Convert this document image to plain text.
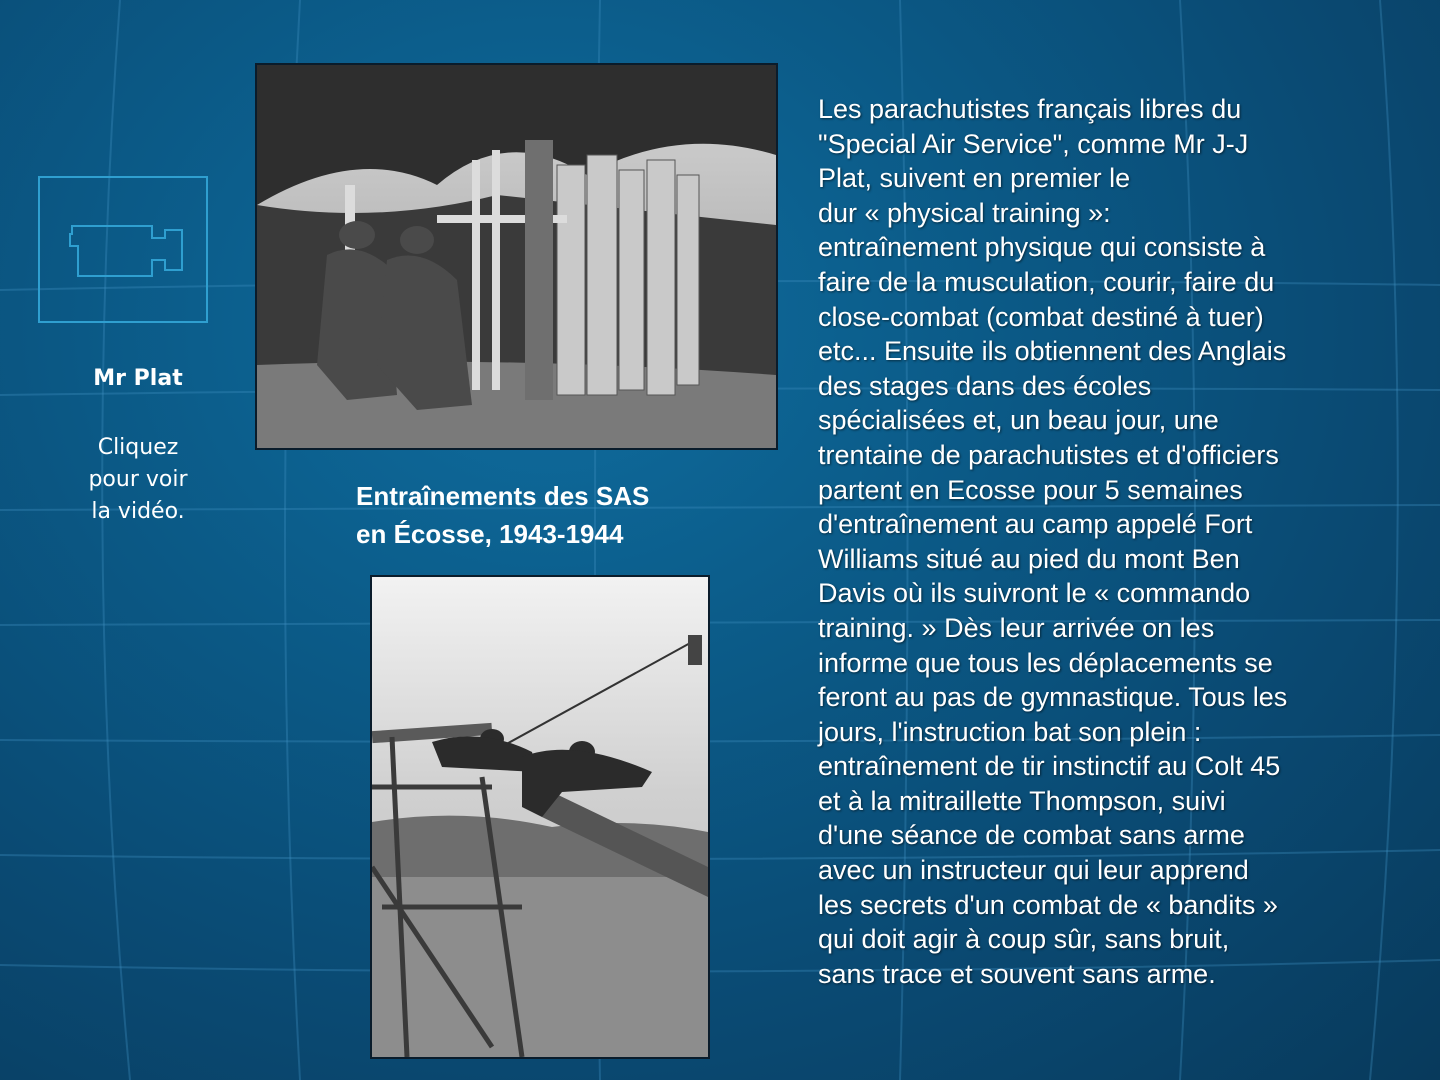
Mr Plat
Cliquez
pour voir
la vidéo.
Entraînements des SAS
en Écosse, 1943-1944
Les parachutistes français libres du
"Special Air Service", comme Mr J-J
Plat, suivent en premier le
dur « physical training »:
entraînement physique qui consiste à
faire de la musculation, courir, faire du
close-combat (combat destiné à tuer)
etc... Ensuite ils obtiennent des Anglais
des stages dans des écoles
spécialisées et, un beau jour, une
trentaine de parachutistes et d'officiers
partent en Ecosse pour 5 semaines
d'entraînement au camp appelé Fort
Williams situé au pied du mont Ben
Davis où ils suivront le « commando
training. » Dès leur arrivée on les
informe que tous les déplacements se
feront au pas de gymnastique. Tous les
jours, l'instruction bat son plein :
entraînement de tir instinctif au Colt 45
et à la mitraillette Thompson, suivi
d'une séance de combat sans arme
avec un instructeur qui leur apprend
les secrets d'un combat de « bandits »
qui doit agir à coup sûr, sans bruit,
sans trace et souvent sans arme.
